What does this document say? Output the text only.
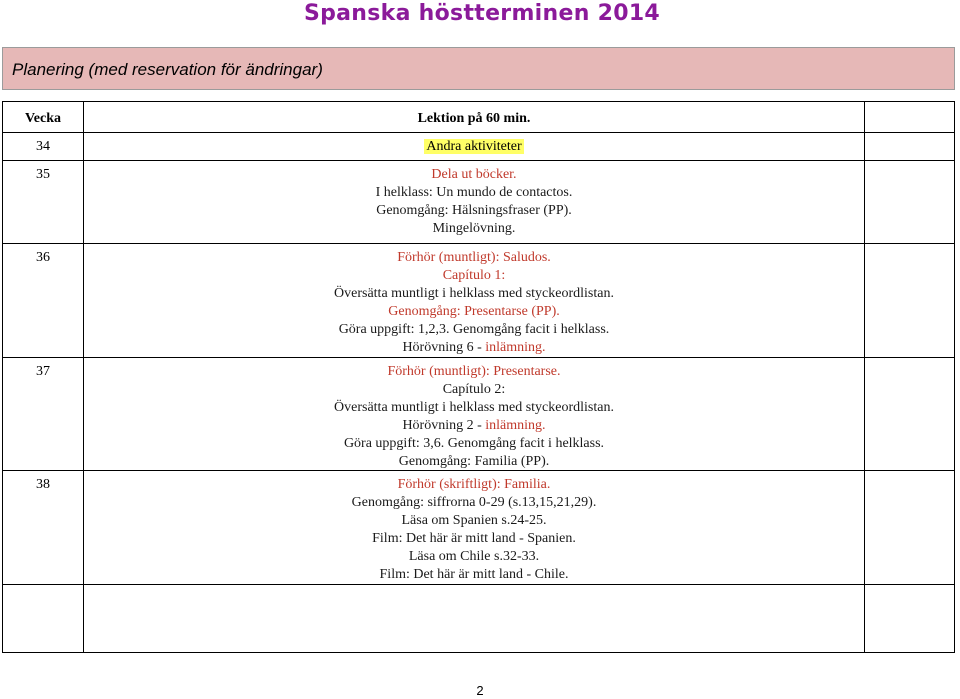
Spanska höstterminen 2014
Planering (med reservation för ändringar)
Vecka	Lektion på 60 min.
34	Andra aktiviteter
35	Dela ut böcker.
I helklass: Un mundo de contactos.
Genomgång: Hälsningsfraser (PP).
Mingelövning.
36	Förhör (muntligt): Saludos.
Capítulo 1:
Översätta muntligt i helklass med styckeordlistan.
Genomgång: Presentarse (PP).
Göra uppgift: 1,2,3. Genomgång facit i helklass.
Hörövning 6 - inlämning.
37	Förhör (muntligt): Presentarse.
Capítulo 2:
Översätta muntligt i helklass med styckeordlistan.
Hörövning 2 - inlämning.
Göra uppgift: 3,6. Genomgång facit i helklass.
Genomgång: Familia (PP).
38	Förhör (skriftligt): Familia.
Genomgång: siffrorna 0-29 (s.13,15,21,29).
Läsa om Spanien s.24-25.
Film: Det här är mitt land - Spanien.
Läsa om Chile s.32-33.
Film: Det här är mitt land - Chile.
2
